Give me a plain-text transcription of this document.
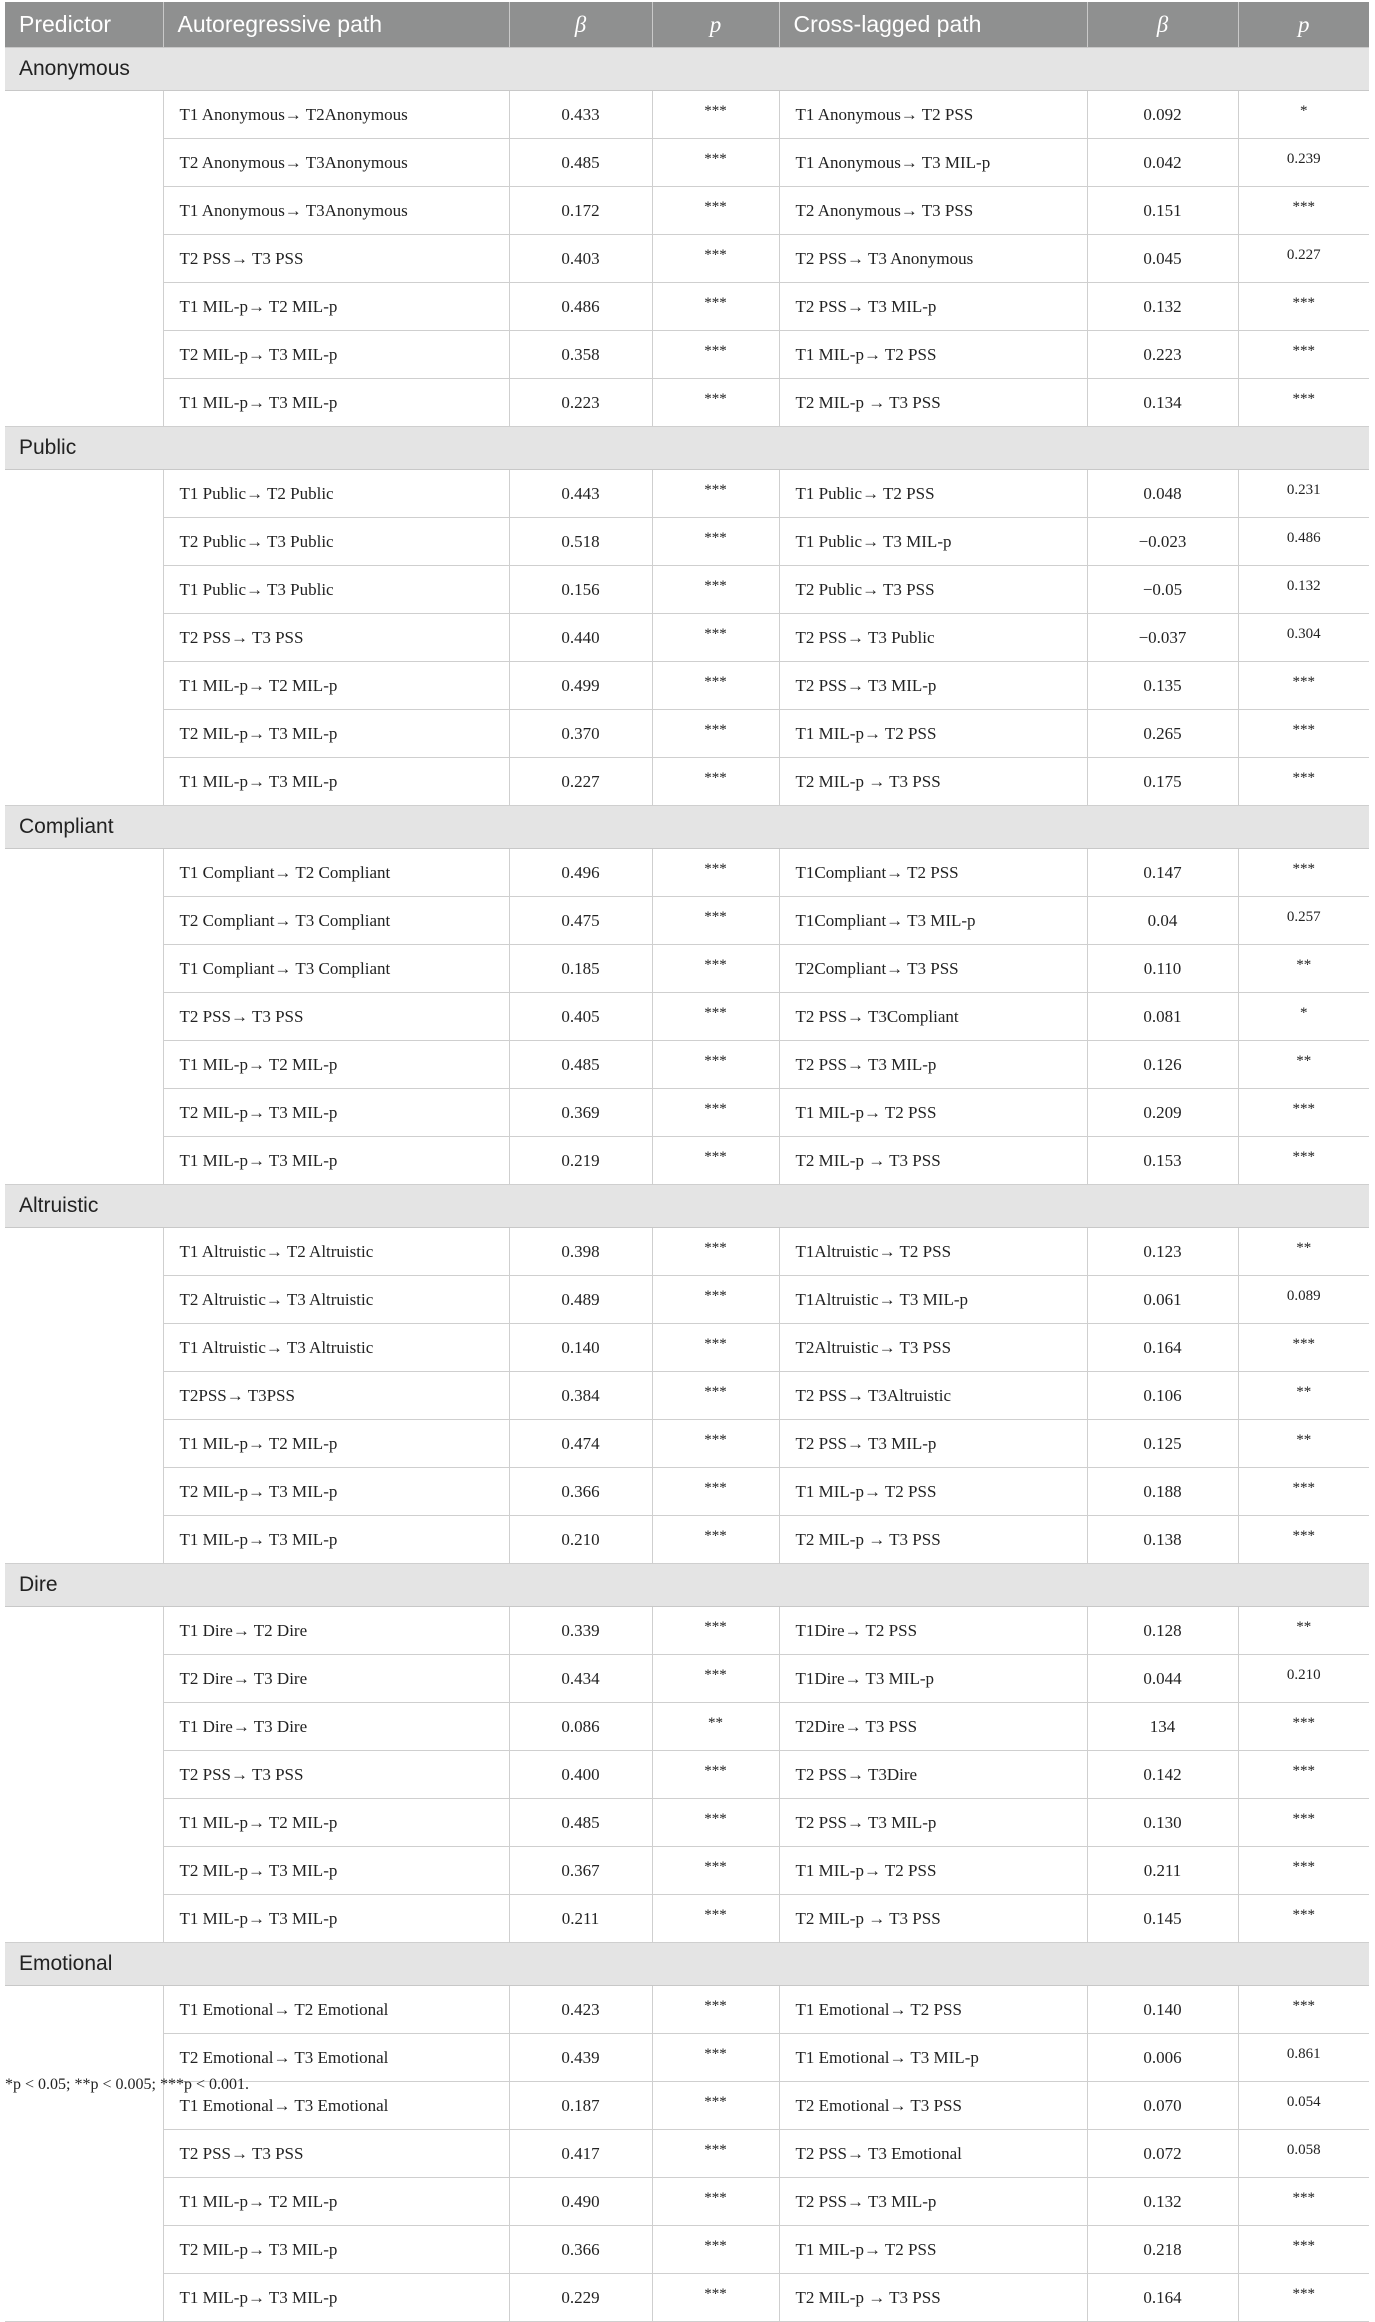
Predictor	Autoregressive path	β	p	Cross-lagged path	β	p
Anonymous						
	T1 Anonymous→ T2Anonymous	0.433	***	T1 Anonymous→ T2 PSS	0.092	*
	T2 Anonymous→ T3Anonymous	0.485	***	T1 Anonymous→ T3 MIL-p	0.042	0.239
	T1 Anonymous→ T3Anonymous	0.172	***	T2 Anonymous→ T3 PSS	0.151	***
	T2 PSS→ T3 PSS	0.403	***	T2 PSS→ T3 Anonymous	0.045	0.227
	T1 MIL-p→ T2 MIL-p	0.486	***	T2 PSS→ T3 MIL-p	0.132	***
	T2 MIL-p→ T3 MIL-p	0.358	***	T1 MIL-p→ T2 PSS	0.223	***
	T1 MIL-p→ T3 MIL-p	0.223	***	T2 MIL-p → T3 PSS	0.134	***
Public						
	T1 Public→ T2 Public	0.443	***	T1 Public→ T2 PSS	0.048	0.231
	T2 Public→ T3 Public	0.518	***	T1 Public→ T3 MIL-p	−0.023	0.486
	T1 Public→ T3 Public	0.156	***	T2 Public→ T3 PSS	−0.05	0.132
	T2 PSS→ T3 PSS	0.440	***	T2 PSS→ T3 Public	−0.037	0.304
	T1 MIL-p→ T2 MIL-p	0.499	***	T2 PSS→ T3 MIL-p	0.135	***
	T2 MIL-p→ T3 MIL-p	0.370	***	T1 MIL-p→ T2 PSS	0.265	***
	T1 MIL-p→ T3 MIL-p	0.227	***	T2 MIL-p → T3 PSS	0.175	***
Compliant						
	T1 Compliant→ T2 Compliant	0.496	***	T1Compliant→ T2 PSS	0.147	***
	T2 Compliant→ T3 Compliant	0.475	***	T1Compliant→ T3 MIL-p	0.04	0.257
	T1 Compliant→ T3 Compliant	0.185	***	T2Compliant→ T3 PSS	0.110	**
	T2 PSS→ T3 PSS	0.405	***	T2 PSS→ T3Compliant	0.081	*
	T1 MIL-p→ T2 MIL-p	0.485	***	T2 PSS→ T3 MIL-p	0.126	**
	T2 MIL-p→ T3 MIL-p	0.369	***	T1 MIL-p→ T2 PSS	0.209	***
	T1 MIL-p→ T3 MIL-p	0.219	***	T2 MIL-p → T3 PSS	0.153	***
Altruistic						
	T1 Altruistic→ T2 Altruistic	0.398	***	T1Altruistic→ T2 PSS	0.123	**
	T2 Altruistic→ T3 Altruistic	0.489	***	T1Altruistic→ T3 MIL-p	0.061	0.089
	T1 Altruistic→ T3 Altruistic	0.140	***	T2Altruistic→ T3 PSS	0.164	***
	T2PSS→ T3PSS	0.384	***	T2 PSS→ T3Altruistic	0.106	**
	T1 MIL-p→ T2 MIL-p	0.474	***	T2 PSS→ T3 MIL-p	0.125	**
	T2 MIL-p→ T3 MIL-p	0.366	***	T1 MIL-p→ T2 PSS	0.188	***
	T1 MIL-p→ T3 MIL-p	0.210	***	T2 MIL-p → T3 PSS	0.138	***
Dire						
	T1 Dire→ T2 Dire	0.339	***	T1Dire→ T2 PSS	0.128	**
	T2 Dire→ T3 Dire	0.434	***	T1Dire→ T3 MIL-p	0.044	0.210
	T1 Dire→ T3 Dire	0.086	**	T2Dire→ T3 PSS	134	***
	T2 PSS→ T3 PSS	0.400	***	T2 PSS→ T3Dire	0.142	***
	T1 MIL-p→ T2 MIL-p	0.485	***	T2 PSS→ T3 MIL-p	0.130	***
	T2 MIL-p→ T3 MIL-p	0.367	***	T1 MIL-p→ T2 PSS	0.211	***
	T1 MIL-p→ T3 MIL-p	0.211	***	T2 MIL-p → T3 PSS	0.145	***
Emotional						
	T1 Emotional→ T2 Emotional	0.423	***	T1 Emotional→ T2 PSS	0.140	***
	T2 Emotional→ T3 Emotional	0.439	***	T1 Emotional→ T3 MIL-p	0.006	0.861
	T1 Emotional→ T3 Emotional	0.187	***	T2 Emotional→ T3 PSS	0.070	0.054
	T2 PSS→ T3 PSS	0.417	***	T2 PSS→ T3 Emotional	0.072	0.058
	T1 MIL-p→ T2 MIL-p	0.490	***	T2 PSS→ T3 MIL-p	0.132	***
	T2 MIL-p→ T3 MIL-p	0.366	***	T1 MIL-p→ T2 PSS	0.218	***
	T1 MIL-p→ T3 MIL-p	0.229	***	T2 MIL-p → T3 PSS	0.164	***
*p < 0.05; **p < 0.005; ***p < 0.001.
